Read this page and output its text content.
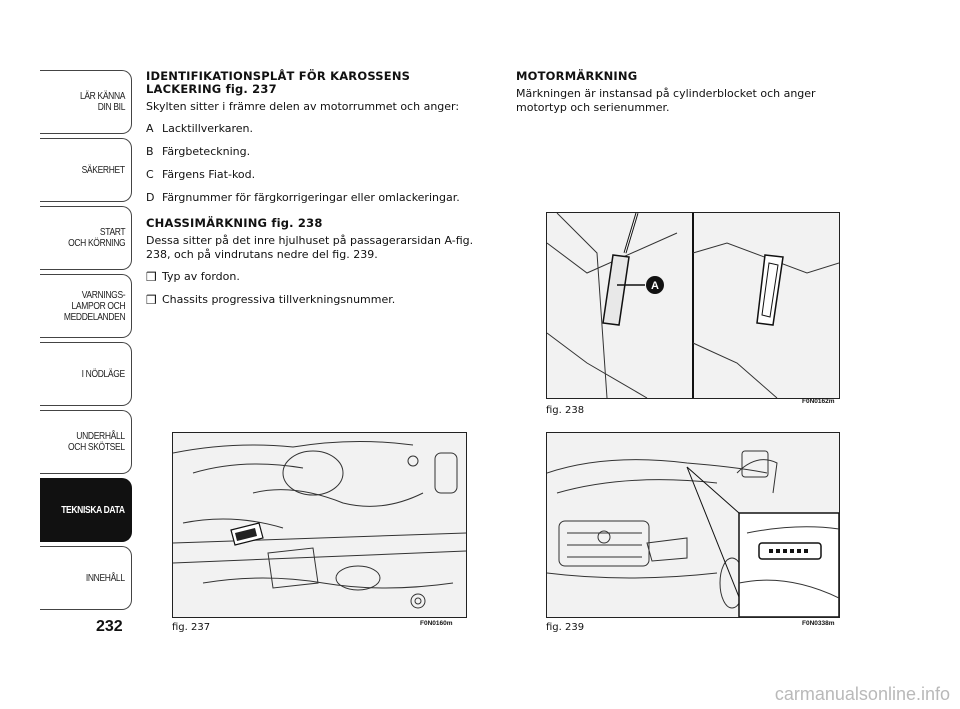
LÄR KÄNNA
DIN BIL
SÄKERHET
START
OCH KÖRNING
VARNINGS-
LAMPOR OCH
MEDDELANDEN
I NÖDLÄGE
UNDERHÅLL
OCH SKÖTSEL
TEKNISKA DATA
INNEHÅLL
232
IDENTIFIKATIONSPLÅT FÖR KAROSSENS LACKERING fig. 237

Skylten sitter i främre delen av motorrummet och anger:

A Lacktillverkaren.
B Färgbeteckning.
C Färgens Fiat-kod.
D Färgnummer för färgkorrigeringar eller omlackeringar.
CHASSIMÄRKNING fig. 238

Dessa sitter på det inre hjulhuset på passagerarsidan A-fig. 238, och på vindrutans nedre del fig. 239.

❒ Typ av fordon.
❒ Chassits progressiva tillverkningsnummer.
MOTORMÄRKNING

Märkningen är instansad på cylinderblocket och anger motortyp och serienummer.

fig. 237	F0N0160m
A
fig. 238
F0N0162m
fig. 239	F0N0338m
carmanualsonline.info
